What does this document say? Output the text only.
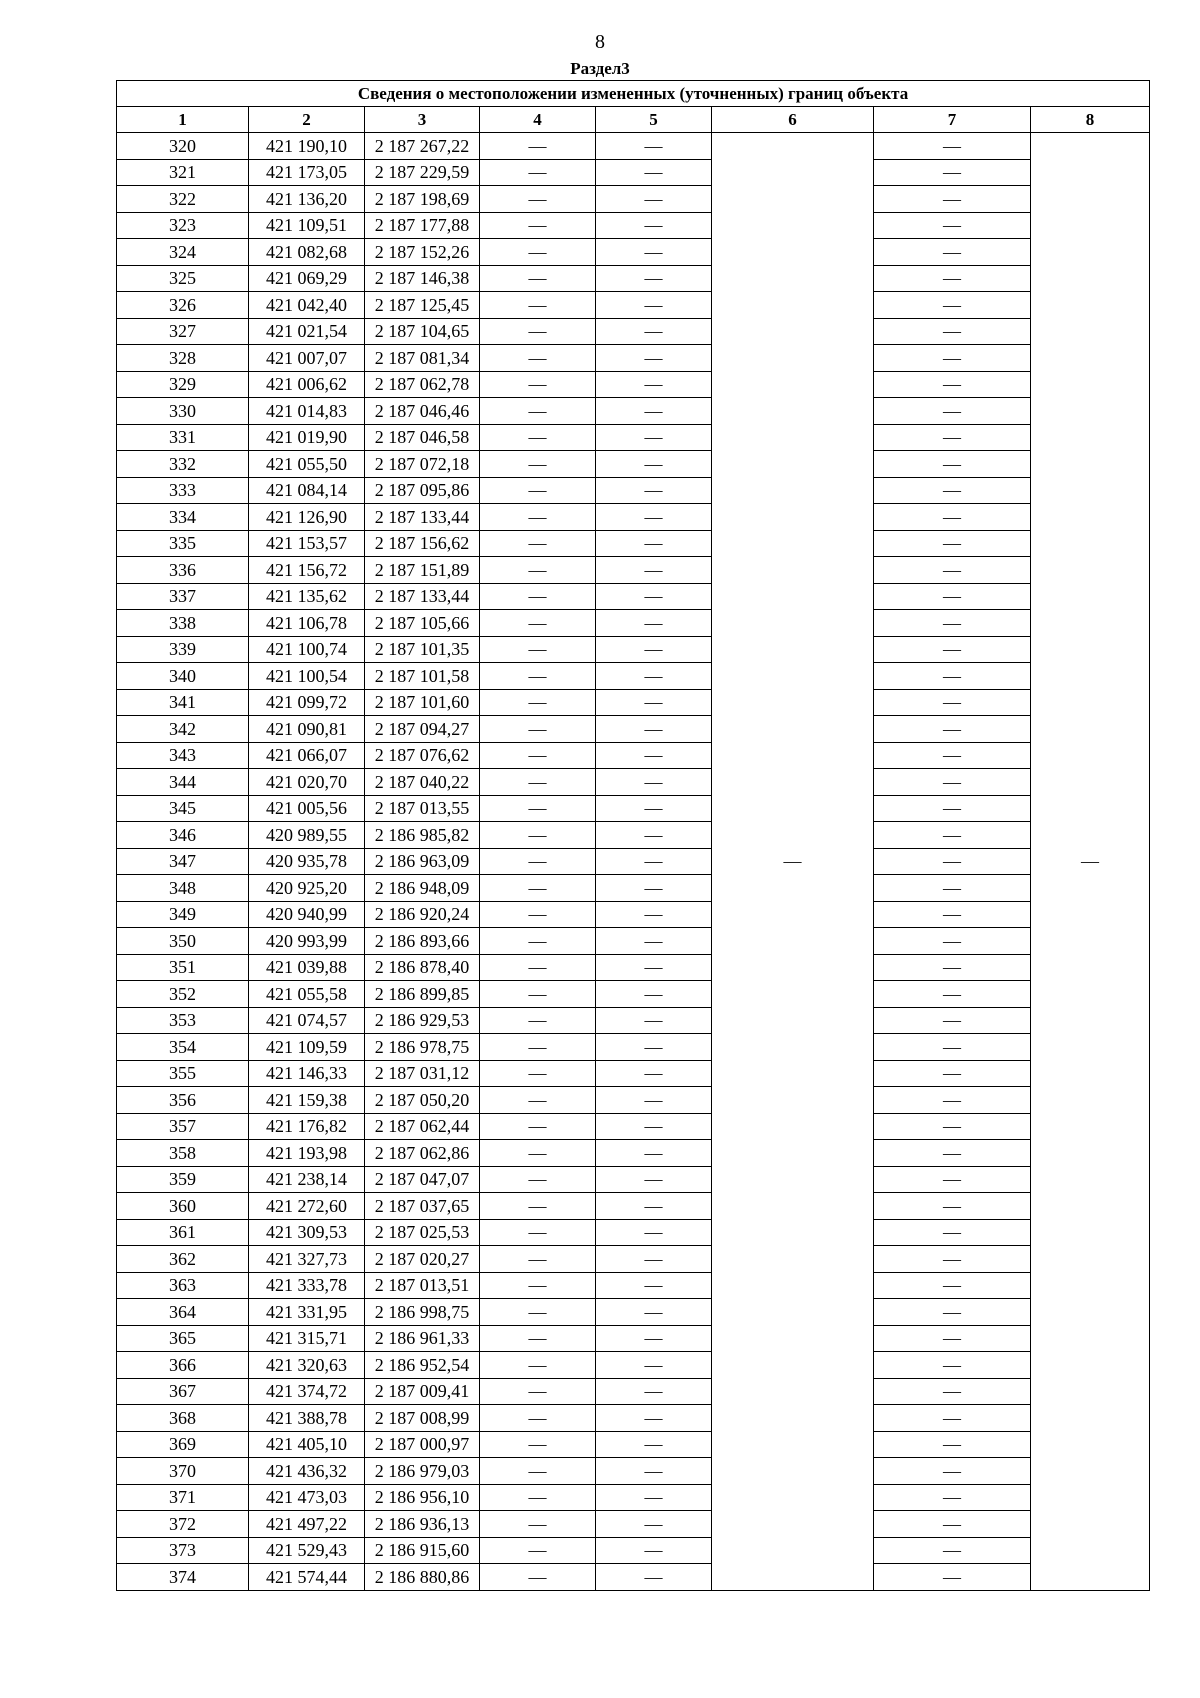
8
Раздел3
Сведения о местоположении измененных (уточненных) границ объекта							
1	2	3	4	5	6	7	8
320	421 190,10	2 187 267,22	—	—	—	—	—
321	421 173,05	2 187 229,59	—	—		—	
322	421 136,20	2 187 198,69	—	—		—	
323	421 109,51	2 187 177,88	—	—		—	
324	421 082,68	2 187 152,26	—	—		—	
325	421 069,29	2 187 146,38	—	—		—	
326	421 042,40	2 187 125,45	—	—		—	
327	421 021,54	2 187 104,65	—	—		—	
328	421 007,07	2 187 081,34	—	—		—	
329	421 006,62	2 187 062,78	—	—		—	
330	421 014,83	2 187 046,46	—	—		—	
331	421 019,90	2 187 046,58	—	—		—	
332	421 055,50	2 187 072,18	—	—		—	
333	421 084,14	2 187 095,86	—	—		—	
334	421 126,90	2 187 133,44	—	—		—	
335	421 153,57	2 187 156,62	—	—		—	
336	421 156,72	2 187 151,89	—	—		—	
337	421 135,62	2 187 133,44	—	—		—	
338	421 106,78	2 187 105,66	—	—		—	
339	421 100,74	2 187 101,35	—	—		—	
340	421 100,54	2 187 101,58	—	—		—	
341	421 099,72	2 187 101,60	—	—		—	
342	421 090,81	2 187 094,27	—	—		—	
343	421 066,07	2 187 076,62	—	—		—	
344	421 020,70	2 187 040,22	—	—		—	
345	421 005,56	2 187 013,55	—	—		—	
346	420 989,55	2 186 985,82	—	—		—	
347	420 935,78	2 186 963,09	—	—		—	
348	420 925,20	2 186 948,09	—	—		—	
349	420 940,99	2 186 920,24	—	—		—	
350	420 993,99	2 186 893,66	—	—		—	
351	421 039,88	2 186 878,40	—	—		—	
352	421 055,58	2 186 899,85	—	—		—	
353	421 074,57	2 186 929,53	—	—		—	
354	421 109,59	2 186 978,75	—	—		—	
355	421 146,33	2 187 031,12	—	—		—	
356	421 159,38	2 187 050,20	—	—		—	
357	421 176,82	2 187 062,44	—	—		—	
358	421 193,98	2 187 062,86	—	—		—	
359	421 238,14	2 187 047,07	—	—		—	
360	421 272,60	2 187 037,65	—	—		—	
361	421 309,53	2 187 025,53	—	—		—	
362	421 327,73	2 187 020,27	—	—		—	
363	421 333,78	2 187 013,51	—	—		—	
364	421 331,95	2 186 998,75	—	—		—	
365	421 315,71	2 186 961,33	—	—		—	
366	421 320,63	2 186 952,54	—	—		—	
367	421 374,72	2 187 009,41	—	—		—	
368	421 388,78	2 187 008,99	—	—		—	
369	421 405,10	2 187 000,97	—	—		—	
370	421 436,32	2 186 979,03	—	—		—	
371	421 473,03	2 186 956,10	—	—		—	
372	421 497,22	2 186 936,13	—	—		—	
373	421 529,43	2 186 915,60	—	—		—	
374	421 574,44	2 186 880,86	—	—		—	
